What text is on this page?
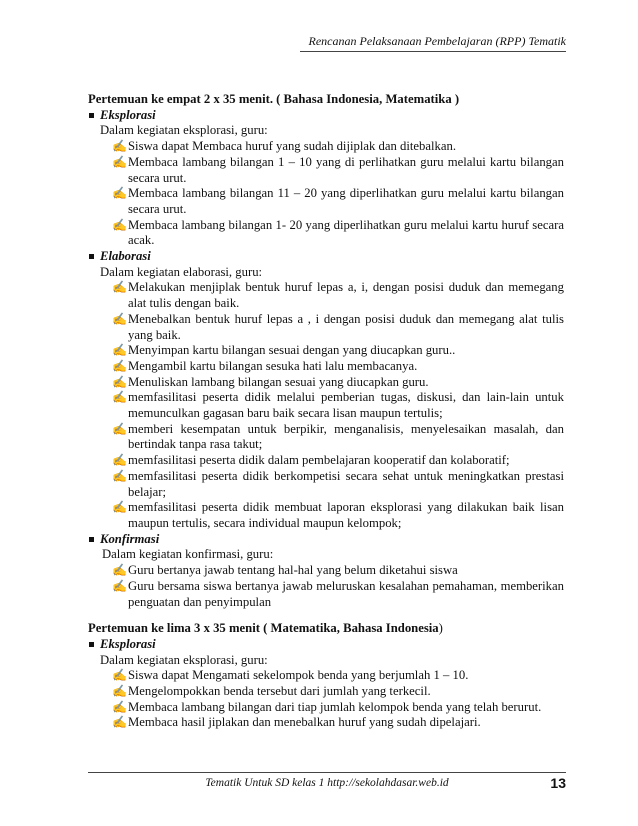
Rencanan Pelaksanaan Pembelajaran (RPP) Tematik

Pertemuan ke empat 2 x 35 menit. ( Bahasa Indonesia, Matematika )

Eksplorasi
Dalam kegiatan eksplorasi, guru:
✍ Siswa dapat Membaca huruf yang sudah dijiplak dan ditebalkan.
✍ Membaca lambang bilangan 1 – 10 yang di perlihatkan guru melalui kartu bilangan secara urut.
✍ Membaca lambang bilangan 11 – 20 yang diperlihatkan guru melalui kartu bilangan secara urut.
✍ Membaca lambang bilangan 1- 20 yang diperlihatkan guru melalui kartu huruf secara acak.
Elaborasi
Dalam kegiatan elaborasi, guru:
✍ Melakukan menjiplak bentuk huruf lepas a, i, dengan posisi duduk dan memegang alat tulis dengan baik.
✍ Menebalkan bentuk huruf lepas a , i dengan posisi duduk dan memegang alat tulis yang baik.
✍ Menyimpan kartu bilangan sesuai dengan yang diucapkan guru..
✍ Mengambil kartu bilangan sesuka hati lalu membacanya.
✍ Menuliskan lambang bilangan sesuai yang diucapkan guru.
✍ memfasilitasi peserta didik melalui pemberian tugas, diskusi, dan lain-lain untuk memunculkan gagasan baru baik secara lisan maupun tertulis;
✍ memberi kesempatan untuk berpikir, menganalisis, menyelesaikan masalah, dan bertindak tanpa rasa takut;
✍ memfasilitasi peserta didik dalam pembelajaran kooperatif dan kolaboratif;
✍ memfasilitasi peserta didik berkompetisi secara sehat untuk meningkatkan prestasi belajar;
✍ memfasilitasi peserta didik membuat laporan eksplorasi yang dilakukan baik lisan maupun tertulis, secara individual maupun kelompok;
Konfirmasi
Dalam kegiatan konfirmasi, guru:
✍ Guru bertanya jawab tentang hal-hal yang belum diketahui siswa
✍ Guru bersama siswa bertanya jawab meluruskan kesalahan pemahaman, memberikan penguatan dan penyimpulan

Pertemuan ke lima 3 x 35 menit ( Matematika, Bahasa Indonesia)

Eksplorasi
Dalam kegiatan eksplorasi, guru:
✍ Siswa dapat Mengamati sekelompok benda yang berjumlah 1 – 10.
✍ Mengelompokkan benda tersebut dari jumlah yang terkecil.
✍ Membaca lambang bilangan dari tiap jumlah kelompok benda yang telah berurut.
✍ Membaca hasil jiplakan dan menebalkan huruf yang sudah dipelajari.
Tematik Untuk SD kelas 1 http://sekolahdasar.web.id	13
